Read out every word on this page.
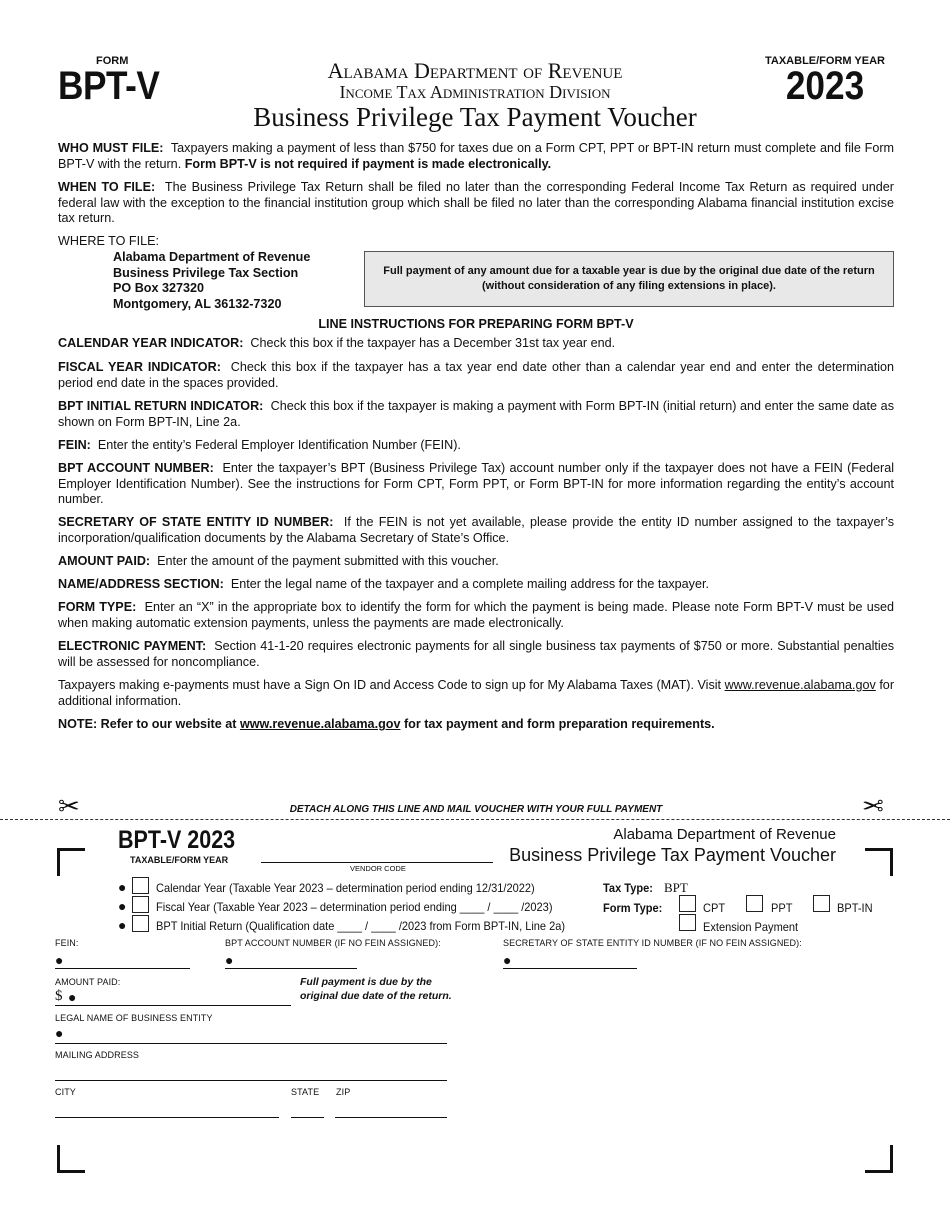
FORM
BPT-V	Alabama Department of Revenue
Income Tax Administration Division
Business Privilege Tax Payment Voucher
TAXABLE/FORM YEAR
2023
WHO MUST FILE: Taxpayers making a payment of less than $750 for taxes due on a Form CPT, PPT or BPT-IN return must complete and file Form BPT-V with the return. Form BPT-V is not required if payment is made electronically.
WHEN TO FILE: The Business Privilege Tax Return shall be filed no later than the corresponding Federal Income Tax Return as required under federal law with the exception to the financial institution group which shall be filed no later than the corresponding Alabama financial institution excise tax return.
WHERE TO FILE:
Alabama Department of Revenue
Business Privilege Tax Section
PO Box 327320
Montgomery, AL 36132-7320
Full payment of any amount due for a taxable year is due by the original due date of the return (without consideration of any filing extensions in place).
LINE INSTRUCTIONS FOR PREPARING FORM BPT-V
CALENDAR YEAR INDICATOR: Check this box if the taxpayer has a December 31st tax year end.
FISCAL YEAR INDICATOR: Check this box if the taxpayer has a tax year end date other than a calendar year end and enter the determination period end date in the spaces provided.
BPT INITIAL RETURN INDICATOR: Check this box if the taxpayer is making a payment with Form BPT-IN (initial return) and enter the same date as shown on Form BPT-IN, Line 2a.
FEIN: Enter the entity’s Federal Employer Identification Number (FEIN).
BPT ACCOUNT NUMBER: Enter the taxpayer’s BPT (Business Privilege Tax) account number only if the taxpayer does not have a FEIN (Federal Employer Identification Number). See the instructions for Form CPT, Form PPT, or Form BPT-IN for more information regarding the entity’s account number.
SECRETARY OF STATE ENTITY ID NUMBER: If the FEIN is not yet available, please provide the entity ID number assigned to the taxpayer’s incorporation/qualification documents by the Alabama Secretary of State’s Office.
AMOUNT PAID: Enter the amount of the payment submitted with this voucher.
NAME/ADDRESS SECTION: Enter the legal name of the taxpayer and a complete mailing address for the taxpayer.
FORM TYPE: Enter an “X” in the appropriate box to identify the form for which the payment is being made. Please note Form BPT-V must be used when making automatic extension payments, unless the payments are made electronically.
ELECTRONIC PAYMENT: Section 41-1-20 requires electronic payments for all single business tax payments of $750 or more. Substantial penalties will be assessed for noncompliance.
Taxpayers making e-payments must have a Sign On ID and Access Code to sign up for My Alabama Taxes (MAT). Visit www.revenue.alabama.gov for additional information.
NOTE: Refer to our website at www.revenue.alabama.gov for tax payment and form preparation requirements.
✂	✂
DETACH ALONG THIS LINE AND MAIL VOUCHER WITH YOUR FULL PAYMENT
BPT-V 2023
TAXABLE/FORM YEAR
VENDOR CODE
Alabama Department of Revenue
Business Privilege Tax Payment Voucher
● Calendar Year (Taxable Year 2023 – determination period ending 12/31/2022)
● Fiscal Year (Taxable Year 2023 – determination period ending ____ / ____ /2023)
● BPT Initial Return (Qualification date ____ / ____ /2023 from Form BPT-IN, Line 2a)
Tax Type: BPT
Form Type:	CPT	PPT	BPT-IN
Extension Payment
FEIN:
●
BPT ACCOUNT NUMBER (IF NO FEIN ASSIGNED):
●
SECRETARY OF STATE ENTITY ID NUMBER (IF NO FEIN ASSIGNED):
●
AMOUNT PAID:
$ ●
Full payment is due by the original due date of the return.
LEGAL NAME OF BUSINESS ENTITY
●
MAILING ADDRESS
CITY	STATE ZIP
